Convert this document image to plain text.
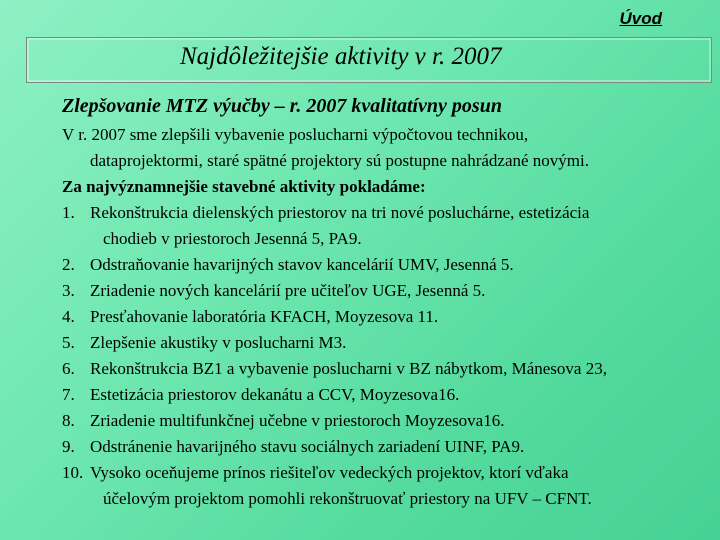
Úvod
Najdôležitejšie aktivity v r. 2007
Zlepšovanie MTZ výučby – r. 2007 kvalitatívny posun
V r. 2007 sme zlepšili vybavenie poslucharni výpočtovou technikou,
dataprojektormi, staré spätné projektory sú postupne nahrádzané novými.
Za najvýznamnejšie stavebné aktivity pokladáme:
1. Rekonštrukcia dielenských priestorov na tri nové posluchárne, estetizácia
chodieb v priestoroch Jesenná 5, PA9.
2. Odstraňovanie havarijných stavov kancelárií UMV, Jesenná 5.
3. Zriadenie nových kancelárií pre učiteľov UGE, Jesenná 5.
4. Presťahovanie laboratória KFACH, Moyzesova 11.
5. Zlepšenie akustiky v poslucharni M3.
6. Rekonštrukcia BZ1 a vybavenie poslucharni v BZ nábytkom, Mánesova 23,
7. Estetizácia priestorov dekanátu a CCV, Moyzesova16.
8. Zriadenie multifunkčnej učebne v priestoroch Moyzesova16.
9. Odstránenie havarijného stavu sociálnych zariadení UINF, PA9.
10. Vysoko oceňujeme prínos riešiteľov vedeckých projektov, ktorí vďaka
účelovým projektom pomohli rekonštruovať priestory na UFV – CFNT.
